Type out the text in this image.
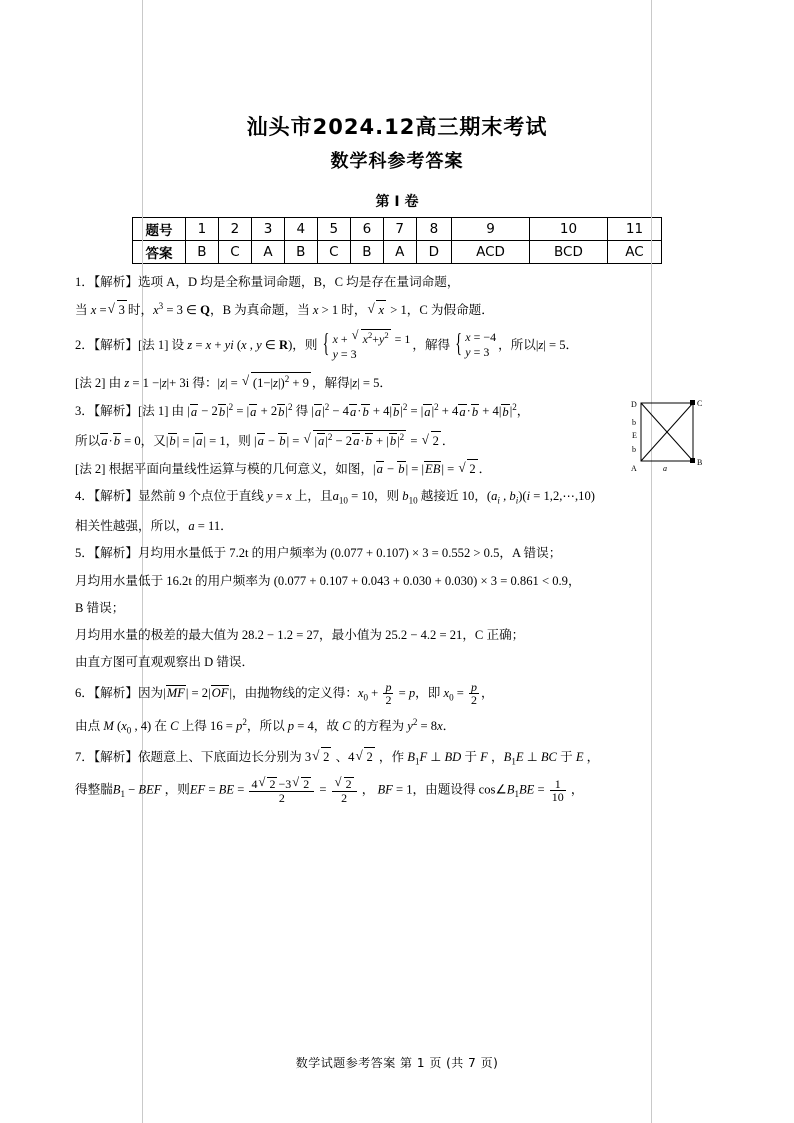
汕头市2024.12高三期末考试
数学科参考答案
第 I 卷
题号	1	2	3	4	5	6	7	8	9	10	11
答案	B	C	A	B	C	B	A	D	ACD	BCD	AC
1．【解析】选项 A，D 均是全称量词命题，B，C 均是存在量词命题，
当 x = √ 3 时，$x^3 = 3$ ∈ Q，B 为真命题，当 x > 1 时， √ x > 1，C 为假命题．
2．【解析】[法 1] 设 z = x + yi (x , y ∈ R)，则 { x + √ $x^2+y^2 = 1$
y = 3
，解得 { x = −4
y = 3
，所以|z| = 5．
[法 2] 由 z = 1 −|z|+ 3i 得：|z| = √ $(1-|z|)^2 + 9$ ，解得|z| = 5．
D	C
b
E
b
B
A	a
3．【解析】[法 1] 由 $|a - 2b|^2 = |a + 2b|^2$ 得 $|a|^2 - 4a\cdot b + 4|b|^2 = |a|^2 + 4a\cdot b + 4|b|^2$，
所以a·b = 0，又|b| = |a| = 1，则 |a − b| = √ $|a|^2 - 2a\cdot b + |b|^2$ = √ 2 ．
[法 2] 根据平面向量线性运算与模的几何意义，如图，|a − b| = |EB| = √ 2 ．
4．【解析】显然前 9 个点位于直线 y = x 上，且$a_{10} = 10$，则 $b_{10}$ 越接近 10，($a_i$ , $b_i)(i$ = 1,2,⋯,10)
相关性越强，所以，a = 11．
5．【解析】月均用水量低于 7.2t 的用户频率为 (0.077 + 0.107) × 3 = 0.552 > 0.5，A 错误；
月均用水量低于 16.2t 的用户频率为 (0.077 + 0.107 + 0.043 + 0.030 + 0.030) × 3 = 0.861 < 0.9，
B 错误；
月均用水量的极差的最大值为 28.2 − 1.2 = 27，最小值为 25.2 − 4.2 = 21，C 正确；
由直方图可直观观察出 D 错误．
6．【解析】因为|MF| = 2|OF|，由抛物线的定义得：$x_0 + \frac{p}{2} = p$，即 $x_0 = \frac{p}{2}$ ，
由点 M ($x_0$ , 4) 在 C 上得 $16 = p^2$，所以 p = 4，故 C 的方程为 $y^2 = 8x$．
7．【解析】依题意上、下底面边长分别为 3 √ 2 、4 √ 2 ，作 $B_1F$ ⊥ BD 于 F ，$B_1E$ ⊥ BC 于 E ，
得整腨$B_1$ − BEF ，则EF = BE = $\frac{4 √ 2 -3 √ 2}{2} = \frac{√ 2}{2}$ ， BF = 1，由题设得 $\cos\angle B_1BE = \frac{1}{10}$ ，
数学试题参考答案 第 1 页 (共 7 页)
